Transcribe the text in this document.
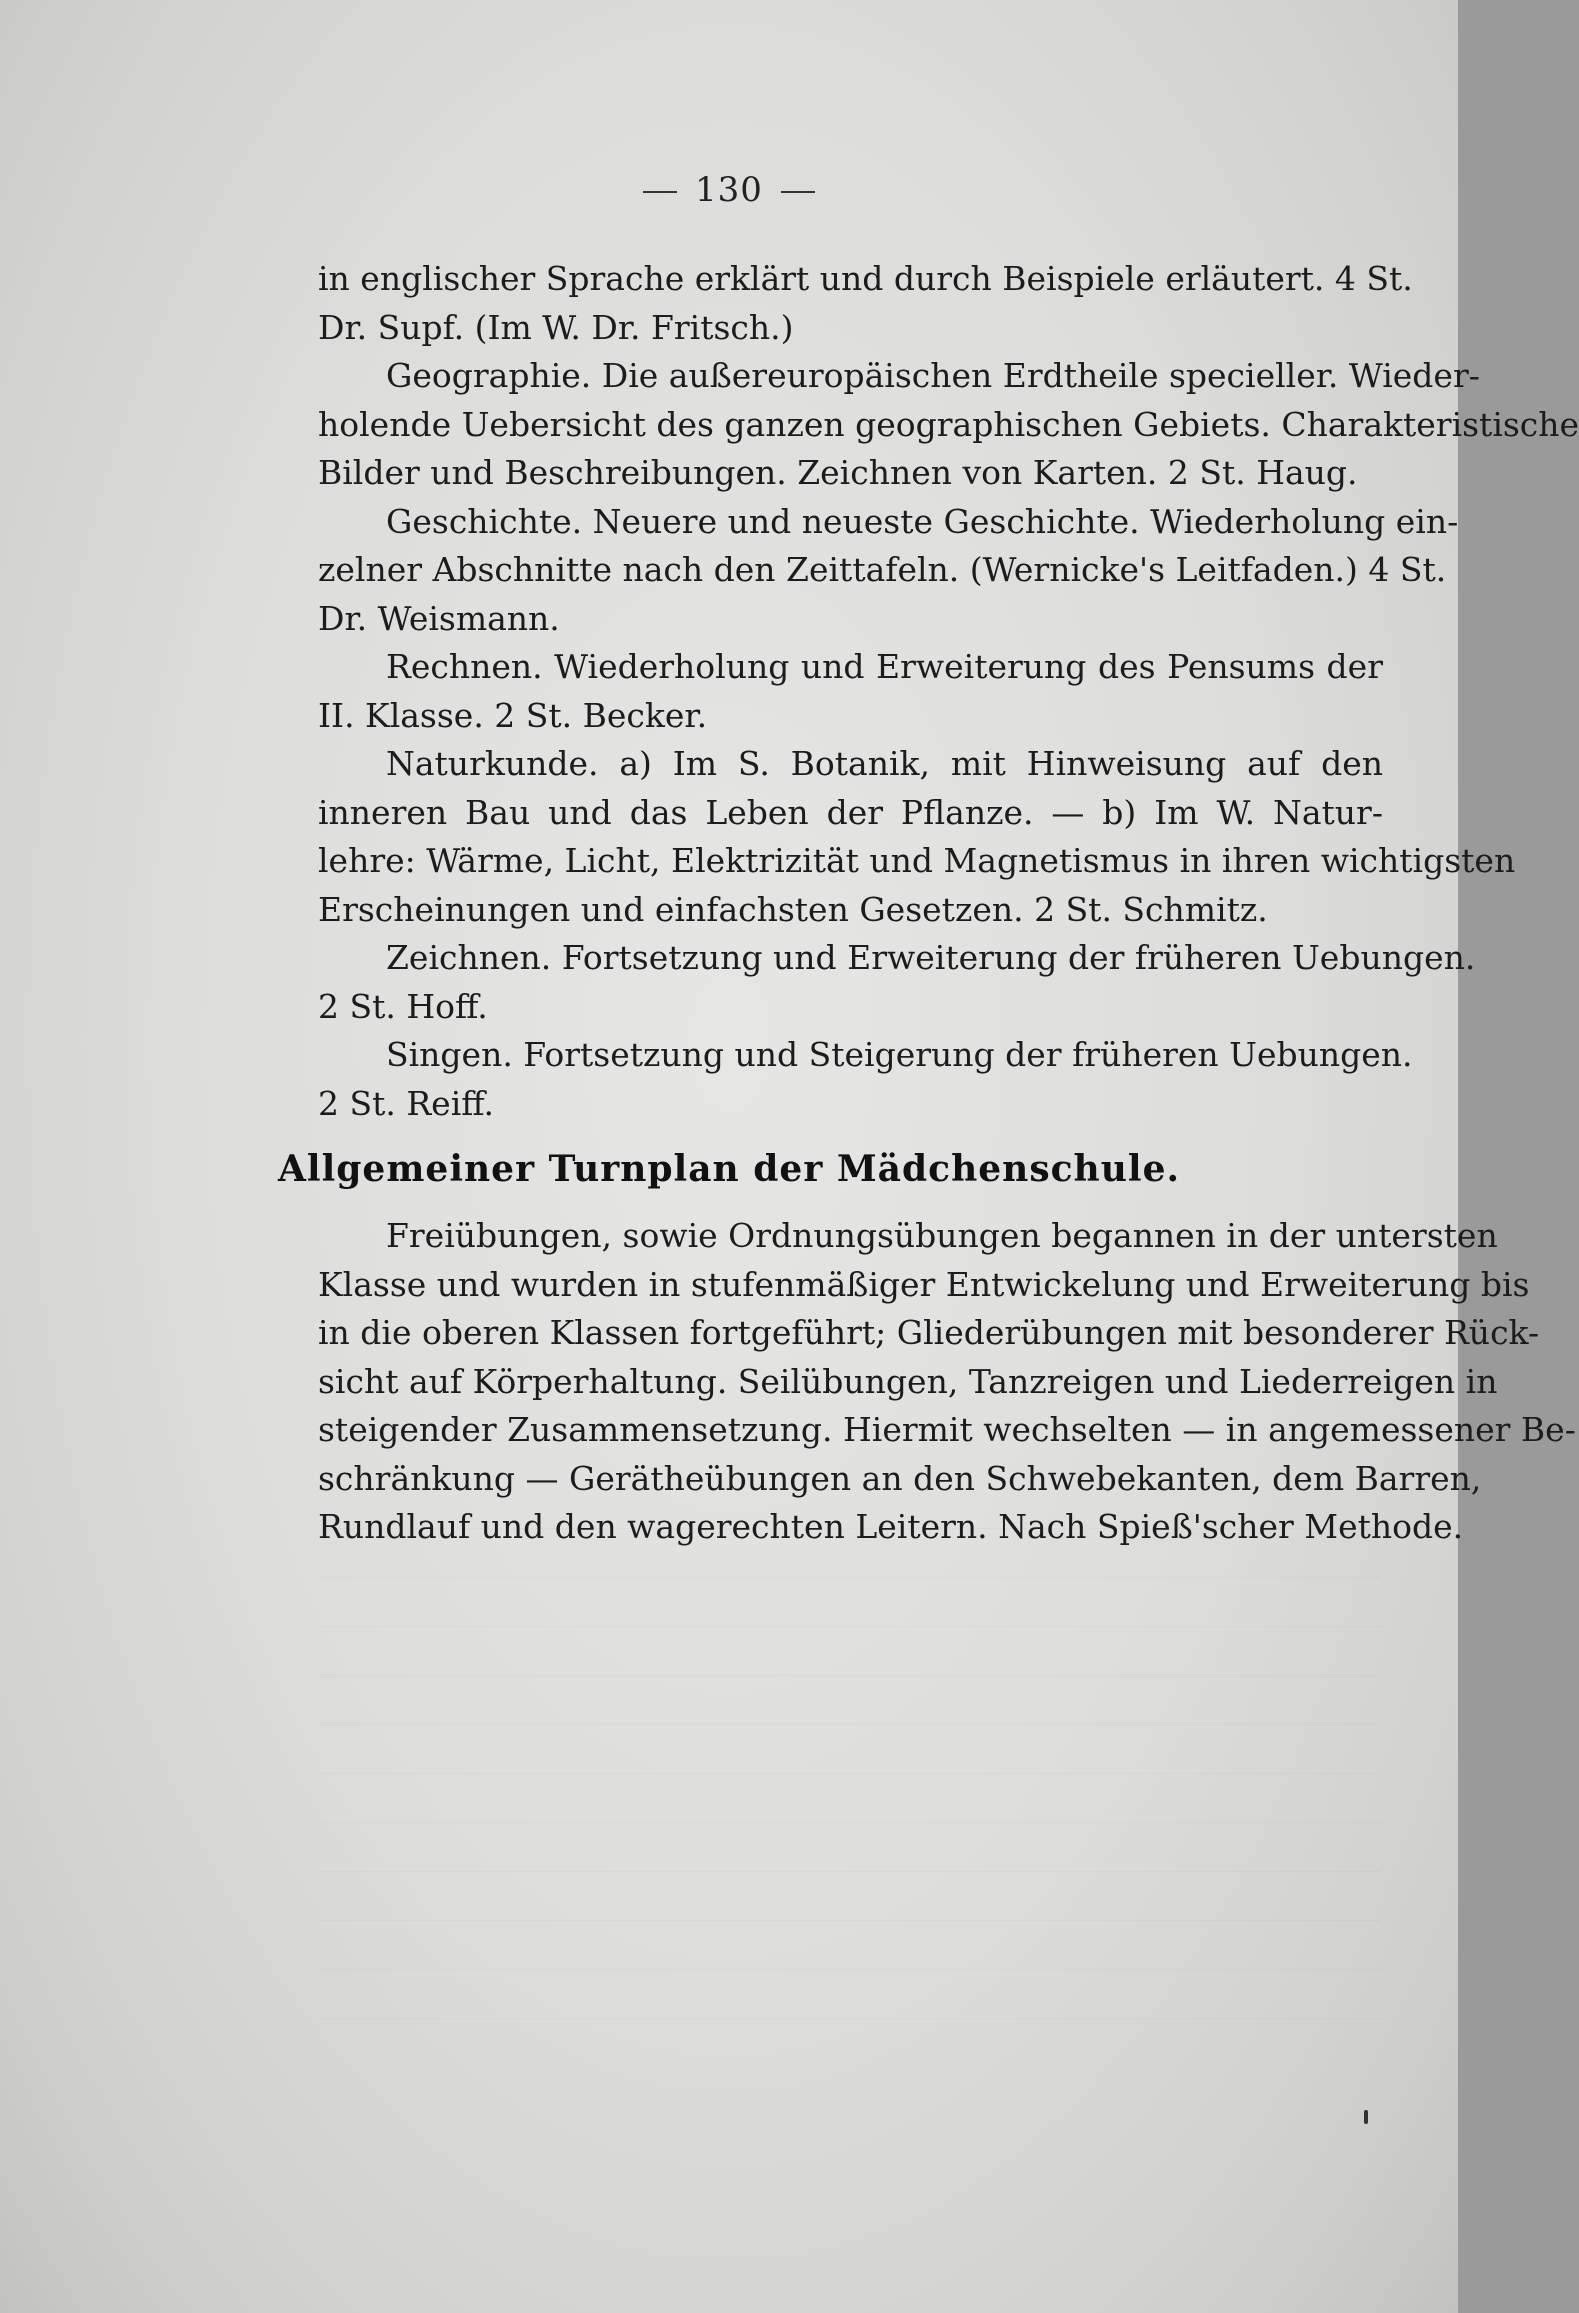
130
in englischer Sprache erklärt und durch Beispiele erläutert. 4 St.
Dr. Supf. (Im W. Dr. Fritsch.)
Geographie. Die außereuropäischen Erdtheile specieller. Wieder-
holende Uebersicht des ganzen geographischen Gebiets. Charakteristische
Bilder und Beschreibungen. Zeichnen von Karten. 2 St. Haug.
Geschichte. Neuere und neueste Geschichte. Wiederholung ein-
zelner Abschnitte nach den Zeittafeln. (Wernicke's Leitfaden.) 4 St.
Dr. Weismann.
Rechnen. Wiederholung und Erweiterung des Pensums der
II. Klasse. 2 St. Becker.
Naturkunde. a) Im S. Botanik, mit Hinweisung auf den
inneren Bau und das Leben der Pflanze. — b) Im W. Natur-
lehre: Wärme, Licht, Elektrizität und Magnetismus in ihren wichtigsten
Erscheinungen und einfachsten Gesetzen. 2 St. Schmitz.
Zeichnen. Fortsetzung und Erweiterung der früheren Uebungen.
2 St. Hoff.
Singen. Fortsetzung und Steigerung der früheren Uebungen.
2 St. Reiff.
Allgemeiner Turnplan der Mädchenschule.
Freiübungen, sowie Ordnungsübungen begannen in der untersten
Klasse und wurden in stufenmäßiger Entwickelung und Erweiterung bis
in die oberen Klassen fortgeführt; Gliederübungen mit besonderer Rück-
sicht auf Körperhaltung. Seilübungen, Tanzreigen und Liederreigen in
steigender Zusammensetzung. Hiermit wechselten — in angemessener Be-
schränkung — Gerätheübungen an den Schwebekanten, dem Barren,
Rundlauf und den wagerechten Leitern. Nach Spieß'scher Methode.
